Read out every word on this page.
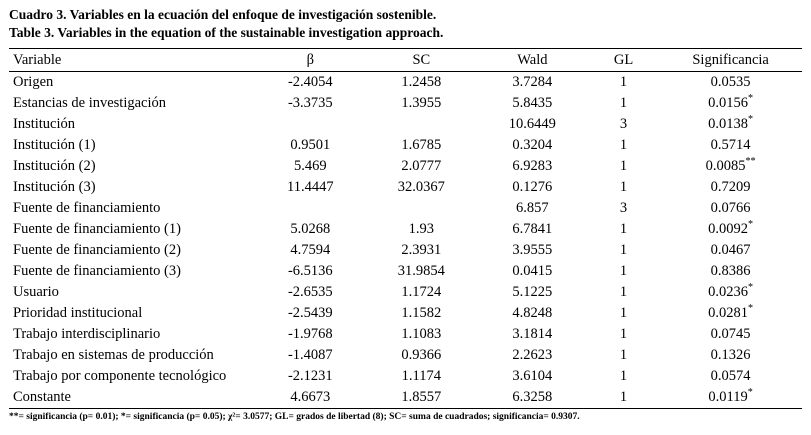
Cuadro 3. Variables en la ecuación del enfoque de investigación sostenible.
Table 3. Variables in the equation of the sustainable investigation approach.
Variable	β	SC	Wald	GL	Significancia
Origen	-2.4054	1.2458	3.7284	1	0.0535
Estancias de investigación	-3.3735	1.3955	5.8435	1	0.0156*
Institución			10.6449	3	0.0138*
Institución (1)	0.9501	1.6785	0.3204	1	0.5714
Institución (2)	5.469	2.0777	6.9283	1	0.0085**
Institución (3)	11.4447	32.0367	0.1276	1	0.7209
Fuente de financiamiento			6.857	3	0.0766
Fuente de financiamiento (1)	5.0268	1.93	6.7841	1	0.0092*
Fuente de financiamiento (2)	4.7594	2.3931	3.9555	1	0.0467
Fuente de financiamiento (3)	-6.5136	31.9854	0.0415	1	0.8386
Usuario	-2.6535	1.1724	5.1225	1	0.0236*
Prioridad institucional	-2.5439	1.1582	4.8248	1	0.0281*
Trabajo interdisciplinario	-1.9768	1.1083	3.1814	1	0.0745
Trabajo en sistemas de producción	-1.4087	0.9366	2.2623	1	0.1326
Trabajo por componente tecnológico	-2.1231	1.1174	3.6104	1	0.0574
Constante	4.6673	1.8557	6.3258	1	0.0119*
**= significancia (p= 0.01); *= significancia (p= 0.05); χ²= 3.0577; GL= grados de libertad (8); SC= suma de cuadrados; significancia= 0.9307.
